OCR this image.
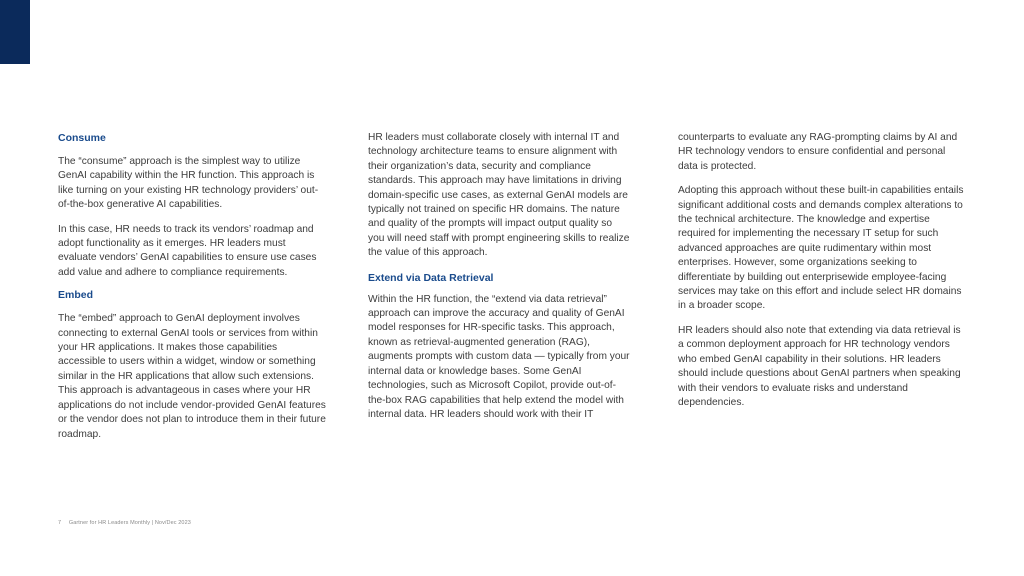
Consume

The “consume” approach is the simplest way to utilize GenAI capability within the HR function. This approach is like turning on your existing HR technology providers’ out-of-the-box generative AI capabilities.

In this case, HR needs to track its vendors’ roadmap and adopt functionality as it emerges. HR leaders must evaluate vendors’ GenAI capabilities to ensure use cases add value and adhere to compliance requirements.

Embed

The “embed” approach to GenAI deployment involves connecting to external GenAI tools or services from within your HR applications. It makes those capabilities accessible to users within a widget, window or something similar in the HR applications that allow such extensions. This approach is advantageous in cases where your HR applications do not include vendor-provided GenAI features or the vendor does not plan to introduce them in their future roadmap.

HR leaders must collaborate closely with internal IT and technology architecture teams to ensure alignment with their organization’s data, security and compliance standards. This approach may have limitations in driving domain-specific use cases, as external GenAI models are typically not trained on specific HR domains. The nature and quality of the prompts will impact output quality so you will need staff with prompt engineering skills to realize the value of this approach.

Extend via Data Retrieval

Within the HR function, the “extend via data retrieval” approach can improve the accuracy and quality of GenAI model responses for HR-specific tasks. This approach, known as retrieval-augmented generation (RAG), augments prompts with custom data — typically from your internal data or knowledge bases. Some GenAI technologies, such as Microsoft Copilot, provide out-of-the-box RAG capabilities that help extend the model with internal data. HR leaders should work with their IT

counterparts to evaluate any RAG-prompting claims by AI and HR technology vendors to ensure confidential and personal data is protected.

Adopting this approach without these built-in capabilities entails significant additional costs and demands complex alterations to the technical architecture. The knowledge and expertise required for implementing the necessary IT setup for such advanced approaches are quite rudimentary within most enterprises. However, some organizations seeking to differentiate by building out enterprisewide employee-facing services may take on this effort and include select HR domains in a broader scope.

HR leaders should also note that extending via data retrieval is a common deployment approach for HR technology vendors who embed GenAI capability in their solutions. HR leaders should include questions about GenAI partners when speaking with their vendors to evaluate risks and understand dependencies.

7 Gartner for HR Leaders Monthly | Nov/Dec 2023
